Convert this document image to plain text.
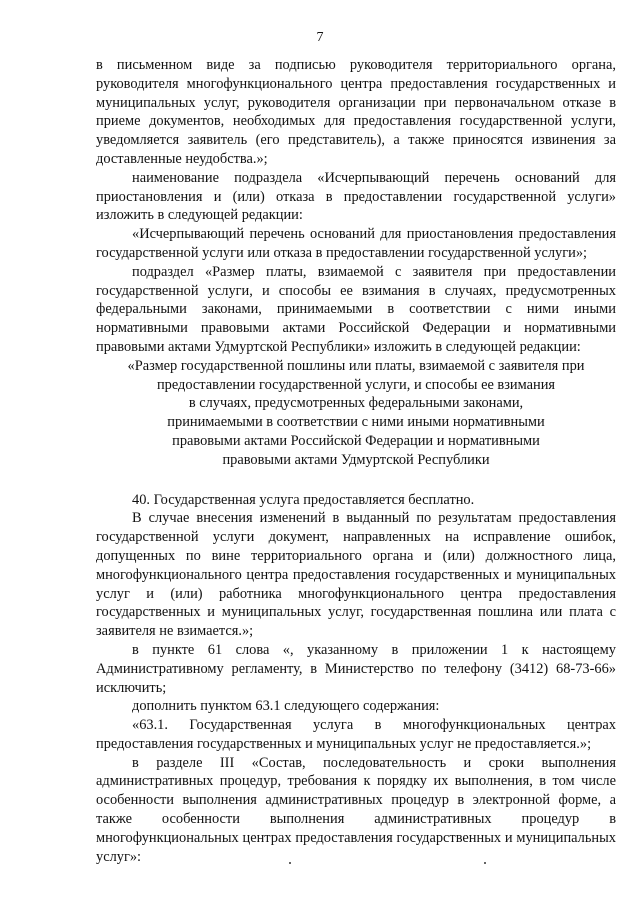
7

в письменном виде за подписью руководителя территориального органа, руководителя многофункционального центра предоставления государственных и муниципальных услуг, руководителя организации при первоначальном отказе в приеме документов, необходимых для предоставления государственной услуги, уведомляется заявитель (его представитель), а также приносятся извинения за доставленные неудобства.»;

наименование подраздела «Исчерпывающий перечень оснований для приостановления и (или) отказа в предоставлении государственной услуги» изложить в следующей редакции:

«Исчерпывающий перечень оснований для приостановления предоставления государственной услуги или отказа в предоставлении государственной услуги»;

подраздел «Размер платы, взимаемой с заявителя при предоставлении государственной услуги, и способы ее взимания в случаях, предусмотренных федеральными законами, принимаемыми в соответствии с ними иными нормативными правовыми актами Российской Федерации и нормативными правовыми актами Удмуртской Республики» изложить в следующей редакции:

«Размер государственной пошлины или платы, взимаемой с заявителя при
предоставлении государственной услуги, и способы ее взимания
в случаях, предусмотренных федеральными законами,
принимаемыми в соответствии с ними иными нормативными
правовыми актами Российской Федерации и нормативными
правовыми актами Удмуртской Республики

40. Государственная услуга предоставляется бесплатно.

В случае внесения изменений в выданный по результатам предоставления государственной услуги документ, направленных на исправление ошибок, допущенных по вине территориального органа и (или) должностного лица, многофункционального центра предоставления государственных и муниципальных услуг и (или) работника многофункционального центра предоставления государственных и муниципальных услуг, государственная пошлина или плата с заявителя не взимается.»;

в пункте 61 слова «, указанному в приложении 1 к настоящему Административному регламенту, в Министерство по телефону (3412) 68-73-66» исключить;

дополнить пунктом 63.1 следующего содержания:

«63.1. Государственная услуга в многофункциональных центрах предоставления государственных и муниципальных услуг не предоставляется.»;

в разделе III «Состав, последовательность и сроки выполнения административных процедур, требования к порядку их выполнения, в том числе особенности выполнения административных процедур в электронной форме, а также особенности выполнения административных процедур в многофункциональных центрах предоставления государственных и муниципальных услуг»:
